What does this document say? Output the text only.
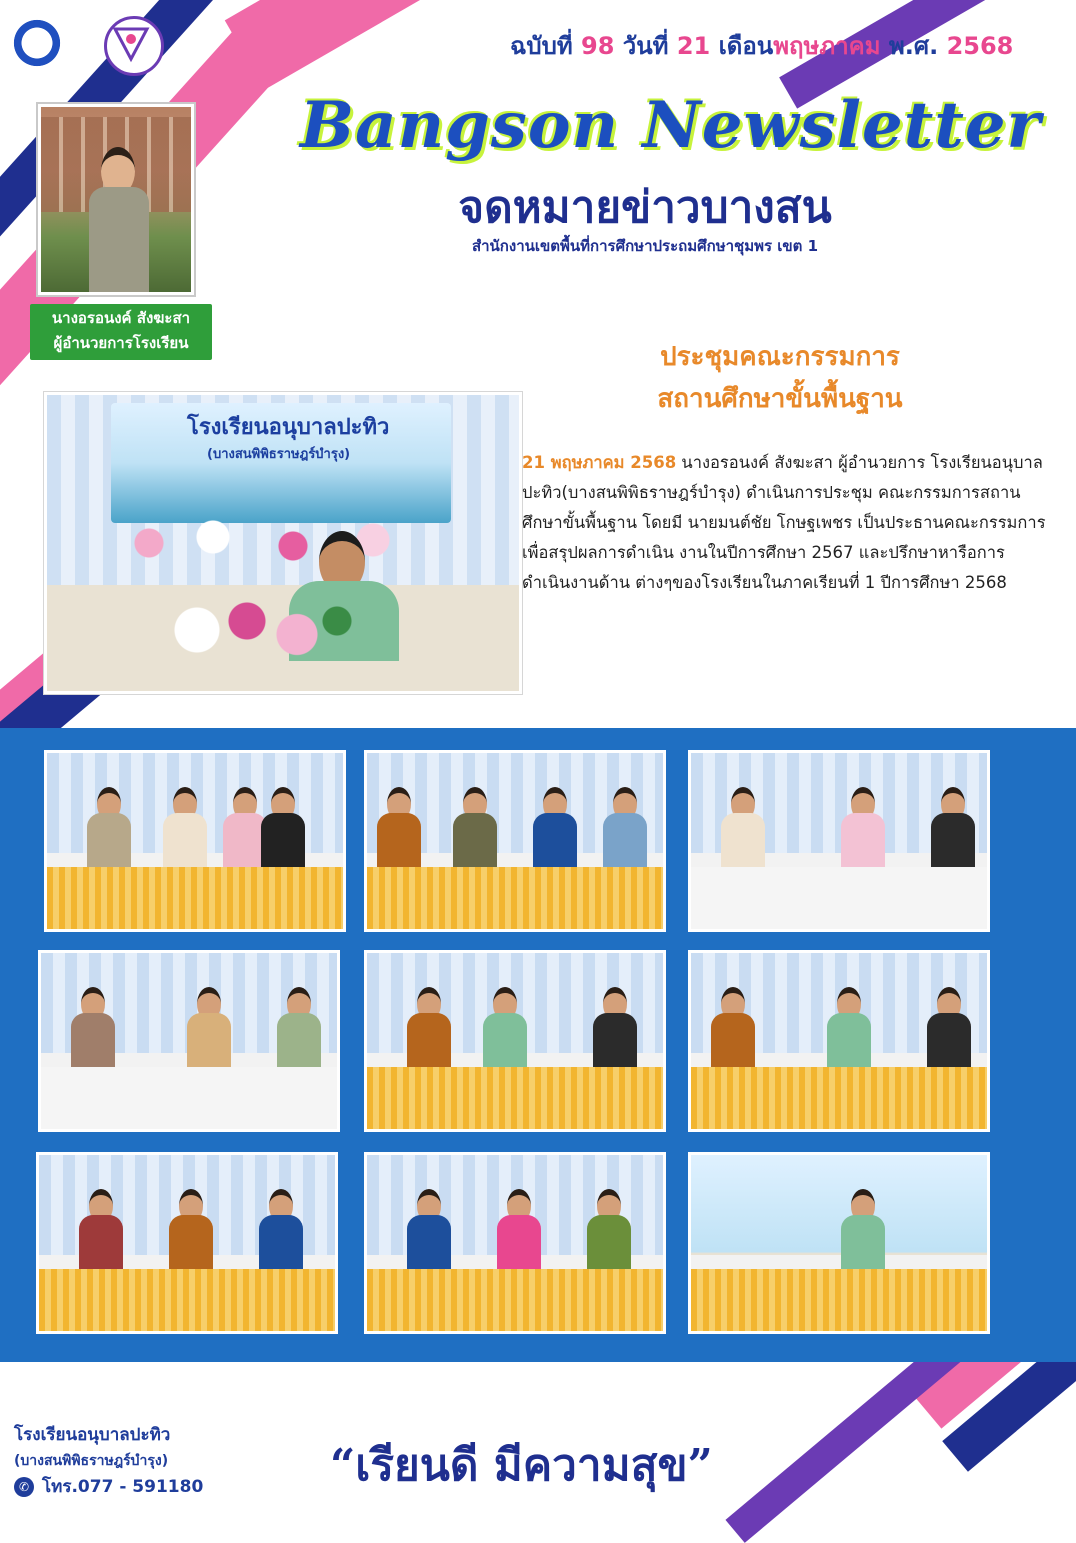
ฉบับที่ 98 วันที่ 21 เดือนพฤษภาคม พ.ศ. 2568
Bangson Newsletter
จดหมายข่าวบางสน
สำนักงานเขตพื้นที่การศึกษาประถมศึกษาชุมพร เขต 1
นางอรอนงค์ สังฆะสา
ผู้อำนวยการโรงเรียน	ประชุมคณะกรรมการ
สถานศึกษาขั้นพื้นฐาน
โรงเรียนอนุบาลปะทิว
(บางสนพิพิธราษฎร์บำรุง)	21 พฤษภาคม 2568 นางอรอนงค์ สังฆะสา ผู้อำนวยการ โรงเรียนอนุบาลปะทิว(บางสนพิพิธราษฎร์บำรุง) ดำเนินการประชุม คณะกรรมการสถานศึกษาขั้นพื้นฐาน โดยมี นายมนต์ชัย โกษฐเพชร เป็นประธานคณะกรรมการ เพื่อสรุปผลการดำเนิน งานในปีการศึกษา 2567 และปรึกษาหารือการดำเนินงานด้าน ต่างๆของโรงเรียนในภาคเรียนที่ 1 ปีการศึกษา 2568
โรงเรียนอนุบาลปะทิว
(บางสนพิพิธราษฎร์บำรุง)
✆ โทร.077 - 591180	“เรียนดี มีความสุข”
